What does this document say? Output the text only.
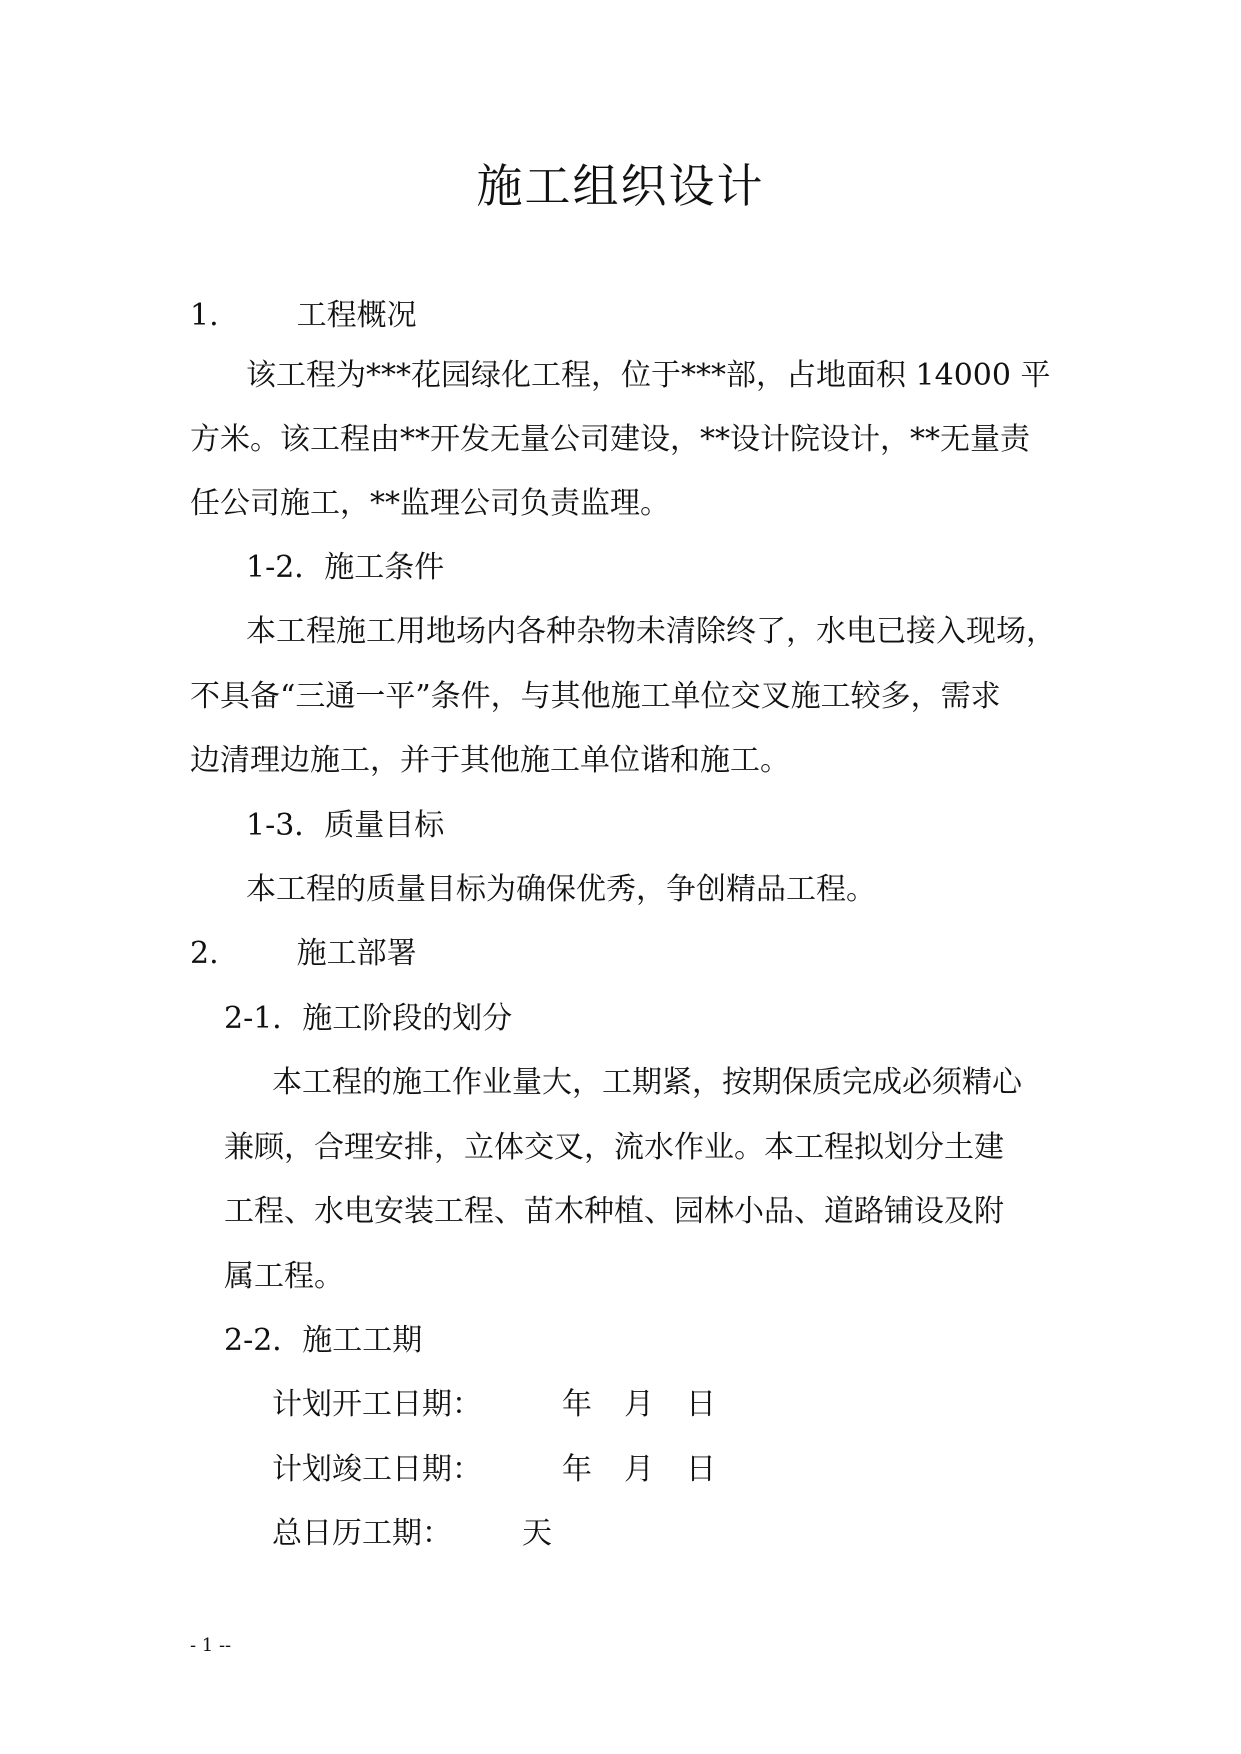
施工组织设计
1.	工程概况
该工程为***花园绿化工程，位于***部，占地面积 14000 平
方米。该工程由**开发无量公司建设，**设计院设计，**无量责
任公司施工，**监理公司负责监理。
1-2．施工条件
本工程施工用地场内各种杂物未清除终了，水电已接入现场，
不具备“三通一平”条件，与其他施工单位交叉施工较多，需求
边清理边施工，并于其他施工单位谐和施工。
1-3．质量目标
本工程的质量目标为确保优秀，争创精品工程。
2.	施工部署
2-1．施工阶段的划分
本工程的施工作业量大，工期紧，按期保质完成必须精心
兼顾，合理安排，立体交叉，流水作业。本工程拟划分土建
工程、水电安装工程、苗木种植、园林小品、道路铺设及附
属工程。
2-2．施工工期
计划开工日期：	年 月 日
计划竣工日期：	年 月 日
总日历工期： 天
- 1 --
